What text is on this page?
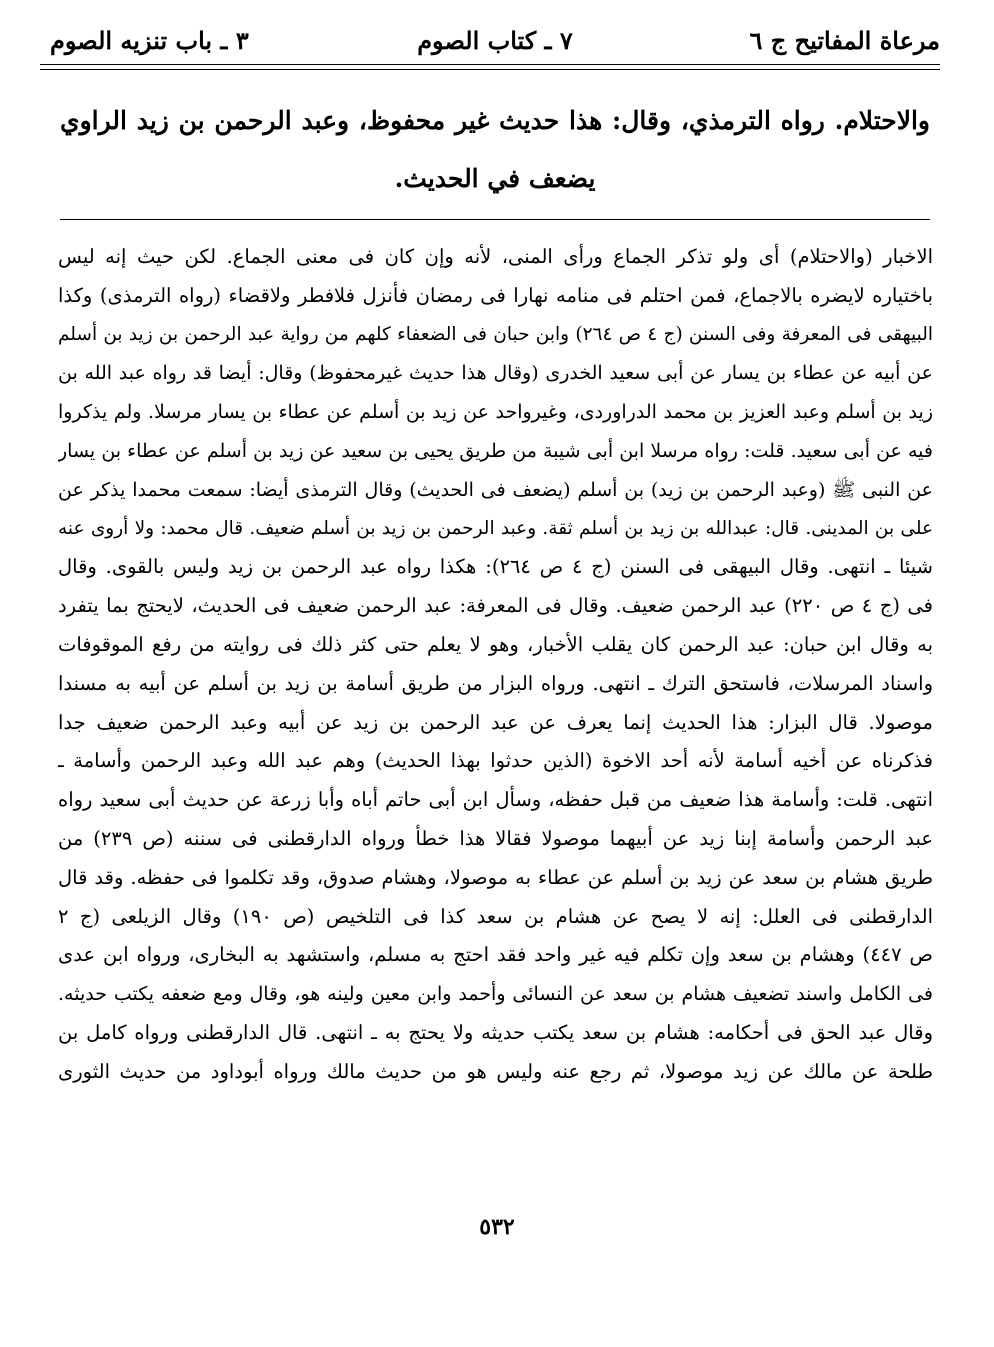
مرعاة المفاتيح ج ٦
٧ ـ كتاب الصوم
٣ ـ باب تنزيه الصوم
والاحتلام. رواه الترمذي، وقال: هذا حديث غير محفوظ، وعبد الرحمن بن زيد الراوي يضعف في الحديث.
الاخبار (والاحتلام) أى ولو تذكر الجماع ورأى المنى، لأنه وإن كان فى معنى الجماع. لكن حيث إنه ليس
باختياره لايضره بالاجماع، فمن احتلم فى منامه نهارا فى رمضان فأنزل فلافطر ولاقضاء (رواه الترمذى) وكذا
البيهقى فى المعرفة وفى السنن (ج ٤ ص ٢٦٤) وابن حبان فى الضعفاء كلهم من رواية عبد الرحمن بن زيد بن أسلم
عن أبيه عن عطاء بن يسار عن أبى سعيد الخدرى (وقال هذا حديث غيرمحفوظ) وقال: أيضا قد رواه عبد الله بن
زيد بن أسلم وعبد العزيز بن محمد الدراوردى، وغيرواحد عن زيد بن أسلم عن عطاء بن يسار مرسلا. ولم يذكروا
فيه عن أبى سعيد. قلت: رواه مرسلا ابن أبى شيبة من طريق يحيى بن سعيد عن زيد بن أسلم عن عطاء بن يسار
عن النبى ﷺ (وعبد الرحمن بن زيد) بن أسلم (يضعف فى الحديث) وقال الترمذى أيضا: سمعت محمدا يذكر عن
على بن المدينى. قال: عبدالله بن زيد بن أسلم ثقة. وعبد الرحمن بن زيد بن أسلم ضعيف. قال محمد: ولا أروى عنه
شيئا ـ انتهى. وقال البيهقى فى السنن (ج ٤ ص ٢٦٤): هكذا رواه عبد الرحمن بن زيد وليس بالقوى. وقال
فى (ج ٤ ص ٢٢٠) عبد الرحمن ضعيف. وقال فى المعرفة: عبد الرحمن ضعيف فى الحديث، لايحتج بما يتفرد
به وقال ابن حبان: عبد الرحمن كان يقلب الأخبار، وهو لا يعلم حتى كثر ذلك فى روايته من رفع الموقوفات
واسناد المرسلات، فاستحق الترك ـ انتهى. ورواه البزار من طريق أسامة بن زيد بن أسلم عن أبيه به مسندا
موصولا. قال البزار: هذا الحديث إنما يعرف عن عبد الرحمن بن زيد عن أبيه وعبد الرحمن ضعيف جدا
فذكرناه عن أخيه أسامة لأنه أحد الاخوة (الذين حدثوا بهذا الحديث) وهم عبد الله وعبد الرحمن وأسامة ـ
انتهى. قلت: وأسامة هذا ضعيف من قبل حفظه، وسأل ابن أبى حاتم أباه وأبا زرعة عن حديث أبى سعيد رواه
عبد الرحمن وأسامة إبنا زيد عن أبيهما موصولا فقالا هذا خطأ ورواه الدارقطنى فى سننه (ص ٢٣٩) من
طريق هشام بن سعد عن زيد بن أسلم عن عطاء به موصولا، وهشام صدوق، وقد تكلموا فى حفظه. وقد قال
الدارقطنى فى العلل: إنه لا يصح عن هشام بن سعد كذا فى التلخيص (ص ١٩٠) وقال الزيلعى (ج ٢
ص ٤٤٧) وهشام بن سعد وإن تكلم فيه غير واحد فقد احتج به مسلم، واستشهد به البخارى، ورواه ابن عدى
فى الكامل واسند تضعيف هشام بن سعد عن النسائى وأحمد وابن معين ولينه هو، وقال ومع ضعفه يكتب حديثه.
وقال عبد الحق فى أحكامه: هشام بن سعد يكتب حديثه ولا يحتج به ـ انتهى. قال الدارقطنى ورواه كامل بن
طلحة عن مالك عن زيد موصولا، ثم رجع عنه وليس هو من حديث مالك ورواه أبوداود من حديث الثورى
٥٣٢
